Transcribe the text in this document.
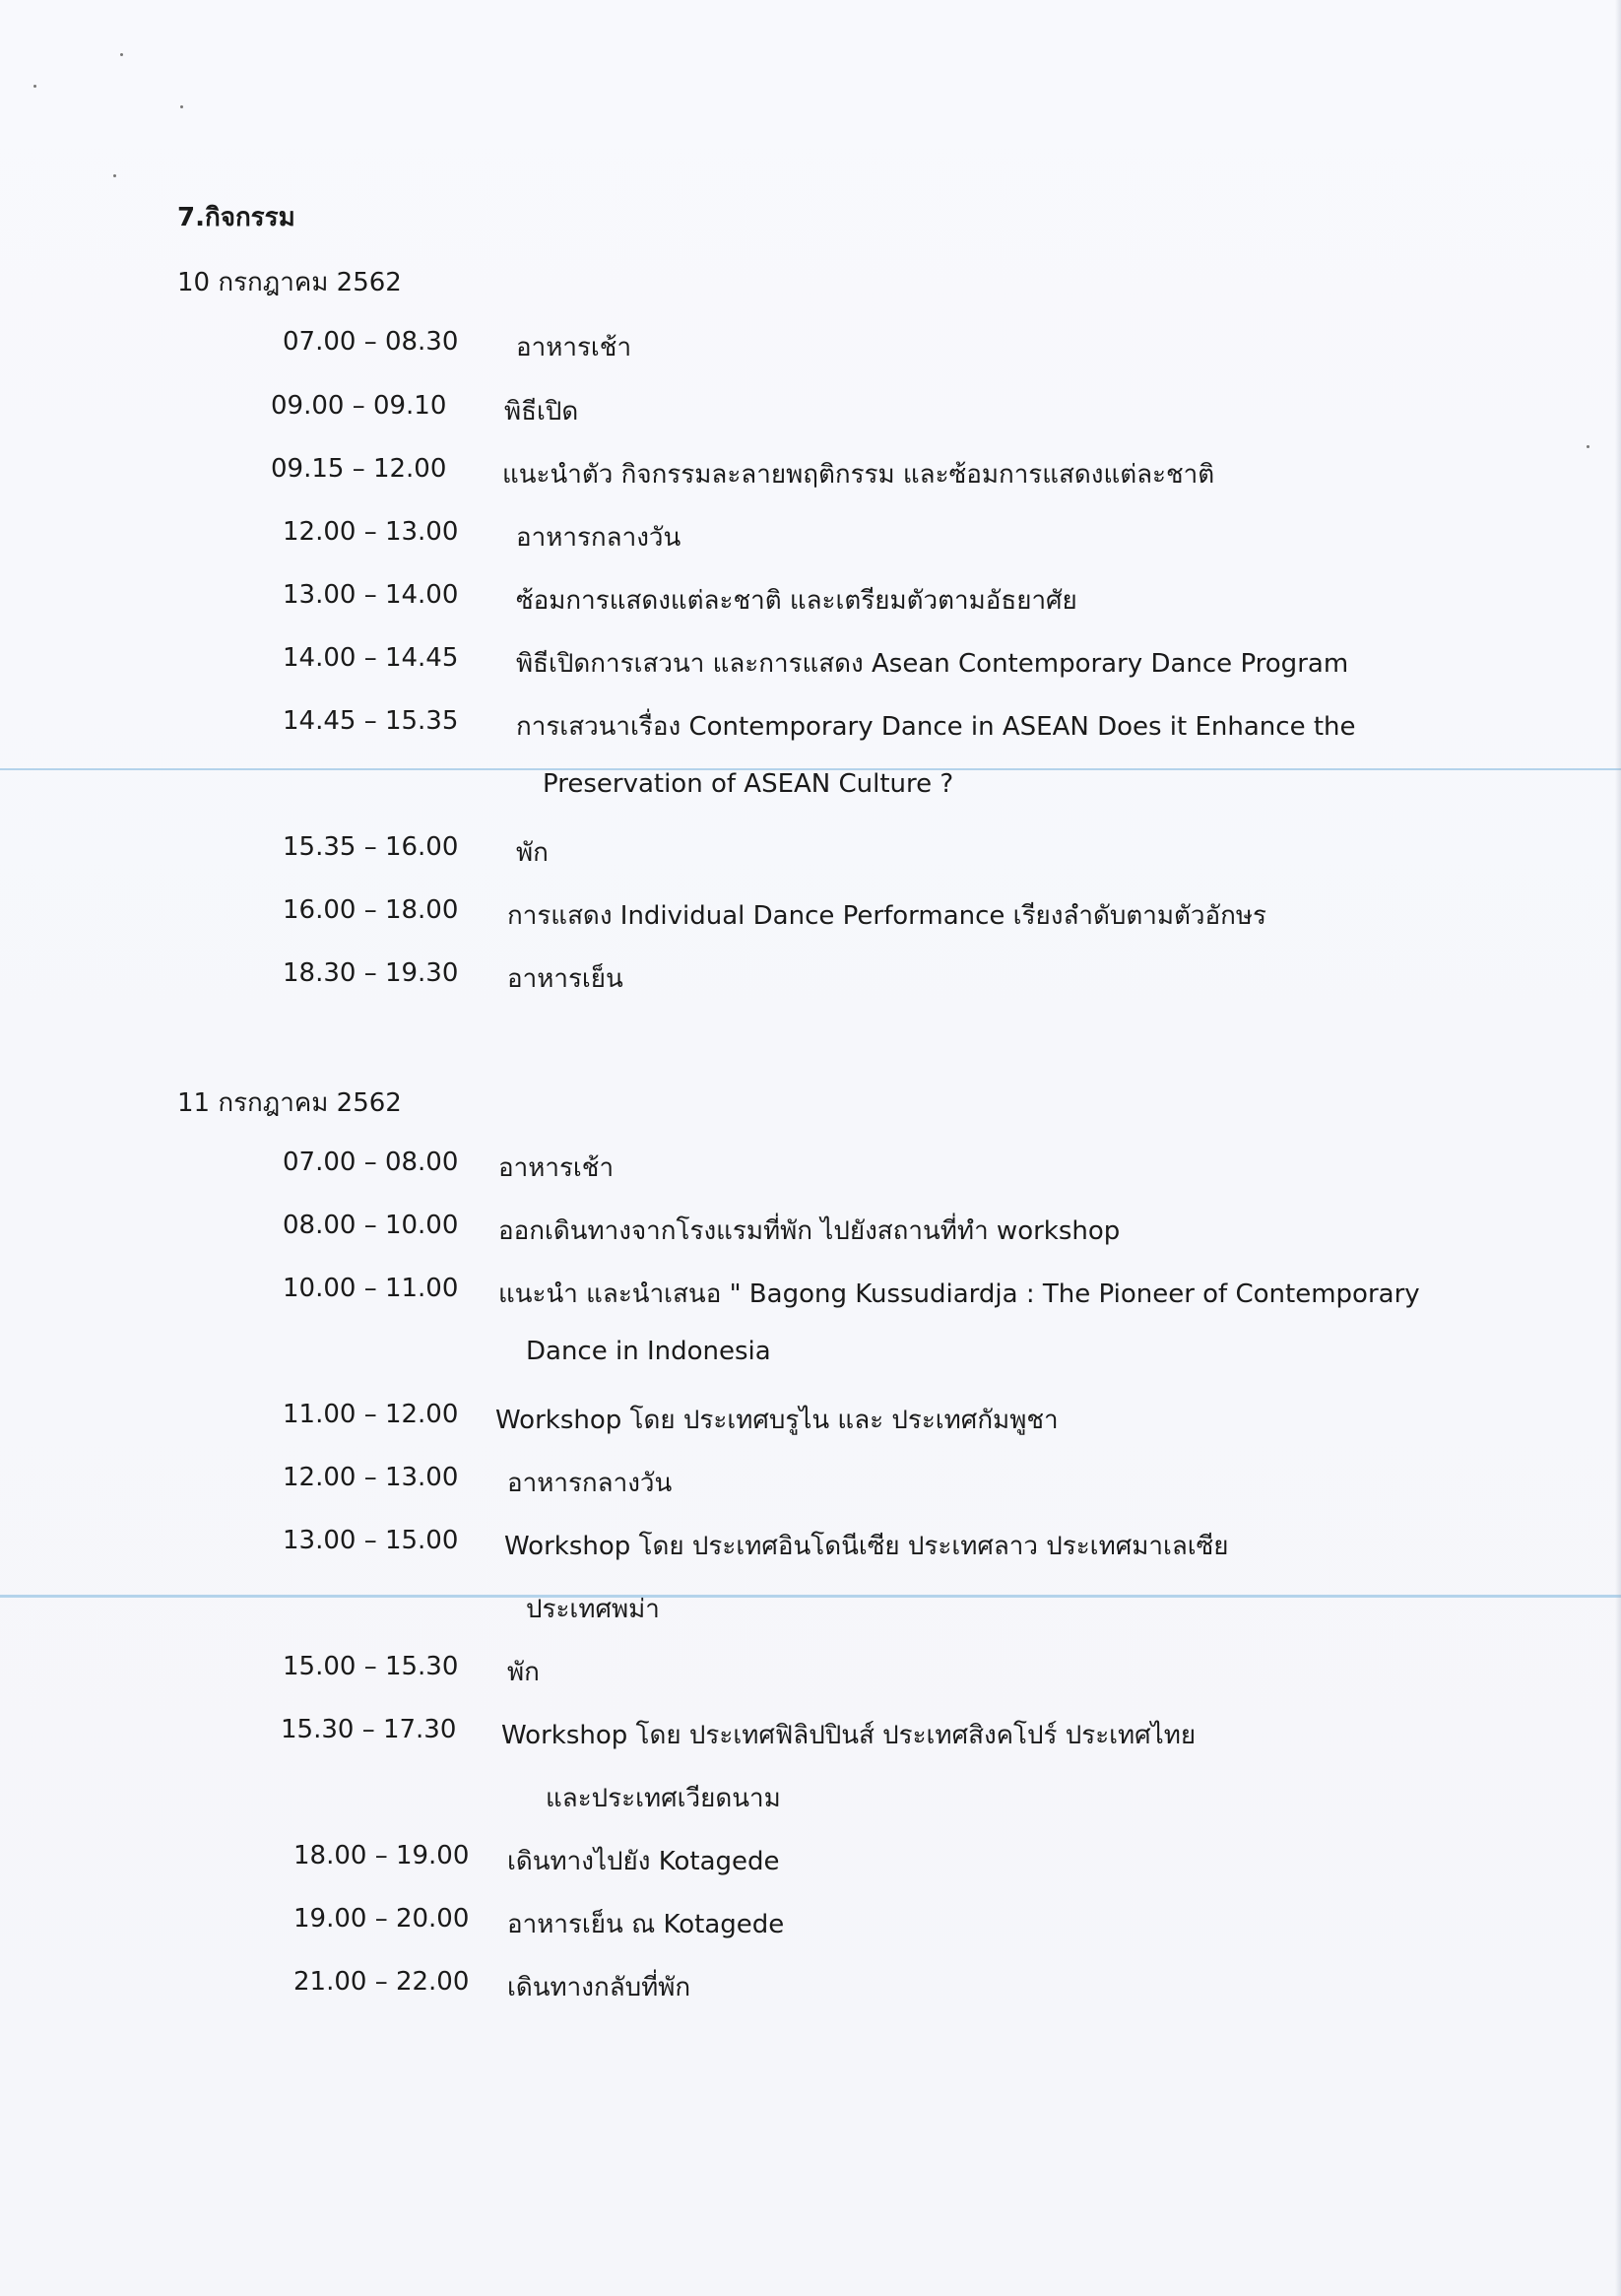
7.กิจกรรม
10 กรกฎาคม 2562
07.00 – 08.30 อาหารเช้า
09.00 – 09.10 พิธีเปิด
09.15 – 12.00 แนะนำตัว กิจกรรมละลายพฤติกรรม และซ้อมการแสดงแต่ละชาติ
12.00 – 13.00 อาหารกลางวัน
13.00 – 14.00 ซ้อมการแสดงแต่ละชาติ และเตรียมตัวตามอัธยาศัย
14.00 – 14.45 พิธีเปิดการเสวนา และการแสดง Asean Contemporary Dance Program
14.45 – 15.35 การเสวนาเรื่อง Contemporary Dance in ASEAN Does it Enhance the
Preservation of ASEAN Culture ?
15.35 – 16.00 พัก
16.00 – 18.00 การแสดง Individual Dance Performance เรียงลำดับตามตัวอักษร
18.30 – 19.30 อาหารเย็น
11 กรกฎาคม 2562
07.00 – 08.00 อาหารเช้า
08.00 – 10.00 ออกเดินทางจากโรงแรมที่พัก ไปยังสถานที่ทำ workshop
10.00 – 11.00 แนะนำ และนำเสนอ " Bagong Kussudiardja : The Pioneer of Contemporary
Dance in Indonesia
11.00 – 12.00 Workshop โดย ประเทศบรูไน และ ประเทศกัมพูชา
12.00 – 13.00 อาหารกลางวัน
13.00 – 15.00 Workshop โดย ประเทศอินโดนีเซีย ประเทศลาว ประเทศมาเลเซีย
ประเทศพม่า
15.00 – 15.30 พัก
15.30 – 17.30 Workshop โดย ประเทศฟิลิปปินส์ ประเทศสิงคโปร์ ประเทศไทย
และประเทศเวียดนาม
18.00 – 19.00 เดินทางไปยัง Kotagede
19.00 – 20.00 อาหารเย็น ณ Kotagede
21.00 – 22.00 เดินทางกลับที่พัก
